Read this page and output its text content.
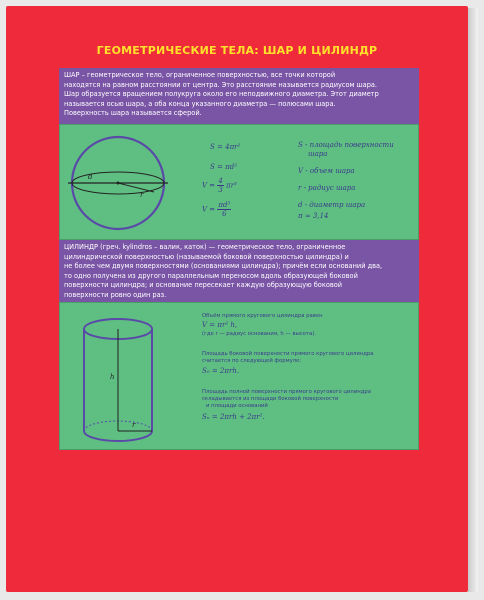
ГЕОМЕТРИЧЕСКИЕ ТЕЛА: ШАР И ЦИЛИНДР
ШАР – геометрическое тело, ограниченное поверхностью, все точки которой
находятся на равном расстоянии от центра. Это расстояние называется радиусом шара.
Шар образуется вращением полукруга около его неподвижного диаметра. Этот диаметр
называется осью шара, а оба конца указанного диаметра — полюсами шара.
Поверхность шара называется сферой.
d
r
S = 4πr²
S = πd²
$V = \frac{4}{3} \pi r^3$
$V = \frac{\text{πd³}}{6}$
S - площадь поверхности
шара
V - объем шара
r - радиус шара
d - диаметр шара
π ≈ 3,14
ЦИЛИНДР (греч. kylindros – валик, каток) — геометрическое тело, ограниченное
цилиндрической поверхностью (называемой боковой поверхностью цилиндра) и
не более чем двумя поверхностями (основаниями цилиндра); причём если оснований два,
то одно получена из другого параллельным переносом вдоль образующей боковой
поверхности цилиндра; и основание пересекает каждую образующую боковой
поверхности ровно один раз.
h
r
Объём прямого кругового цилиндра равен
V = πr² h,
(где r — радиус основания, h — высота).
Площадь боковой поверхности прямого кругового цилиндра
считается по следующей формуле:
S₀ = 2πrh.
Площадь полной поверхности прямого кругового цилиндра
складывается из площади боковой поверхности
и площади оснований
Sₙ = 2πrh + 2πr².
